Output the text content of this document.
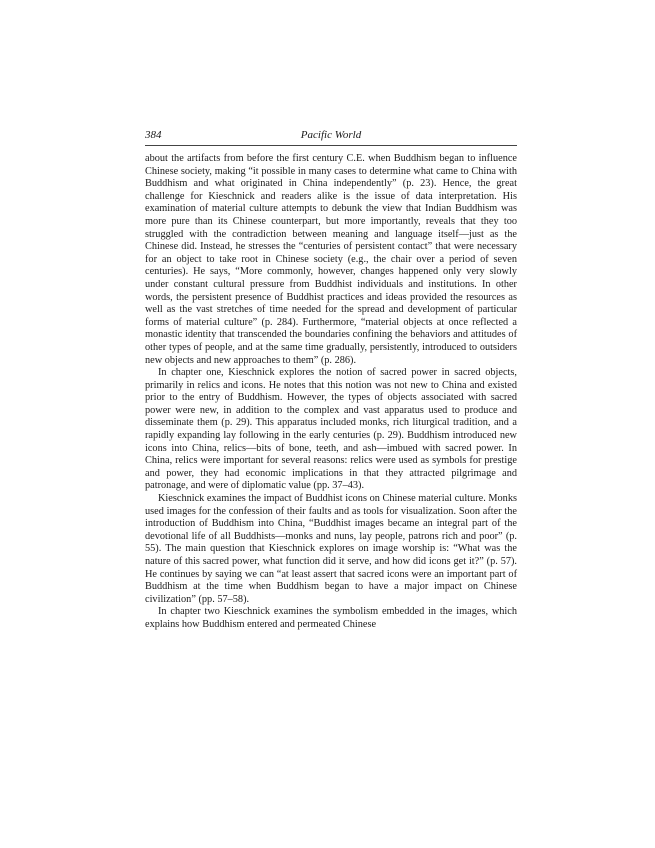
384	Pacific World

about the artifacts from before the first century C.E. when Buddhism began to influence Chinese society, making “it possible in many cases to determine what came to China with Buddhism and what originated in China independently” (p. 23). Hence, the great challenge for Kieschnick and readers alike is the issue of data interpretation. His examination of material culture attempts to debunk the view that Indian Buddhism was more pure than its Chinese counterpart, but more importantly, reveals that they too struggled with the contradiction between meaning and language itself—just as the Chinese did. Instead, he stresses the “centuries of persistent contact” that were necessary for an object to take root in Chinese society (e.g., the chair over a period of seven centuries). He says, “More commonly, however, changes happened only very slowly under constant cultural pressure from Buddhist individuals and institutions. In other words, the persistent presence of Buddhist practices and ideas provided the resources as well as the vast stretches of time needed for the spread and development of particular forms of material culture” (p. 284). Furthermore, “material objects at once reflected a monastic identity that transcended the boundaries confining the behaviors and attitudes of other types of people, and at the same time gradually, persistently, introduced to outsiders new objects and new approaches to them” (p. 286).

In chapter one, Kieschnick explores the notion of sacred power in sacred objects, primarily in relics and icons. He notes that this notion was not new to China and existed prior to the entry of Buddhism. However, the types of objects associated with sacred power were new, in addition to the complex and vast apparatus used to produce and disseminate them (p. 29). This apparatus included monks, rich liturgical tradition, and a rapidly expanding lay following in the early centuries (p. 29). Buddhism introduced new icons into China, relics—bits of bone, teeth, and ash—imbued with sacred power. In China, relics were important for several reasons: relics were used as symbols for prestige and power, they had economic implications in that they attracted pilgrimage and patronage, and were of diplomatic value (pp. 37–43).

Kieschnick examines the impact of Buddhist icons on Chinese material culture. Monks used images for the confession of their faults and as tools for visualization. Soon after the introduction of Buddhism into China, “Buddhist images became an integral part of the devotional life of all Buddhists—monks and nuns, lay people, patrons rich and poor” (p. 55). The main question that Kieschnick explores on image worship is: “What was the nature of this sacred power, what function did it serve, and how did icons get it?” (p. 57). He continues by saying we can “at least assert that sacred icons were an important part of Buddhism at the time when Buddhism began to have a major impact on Chinese civilization” (pp. 57–58).

In chapter two Kieschnick examines the symbolism embedded in the images, which explains how Buddhism entered and permeated Chinese
